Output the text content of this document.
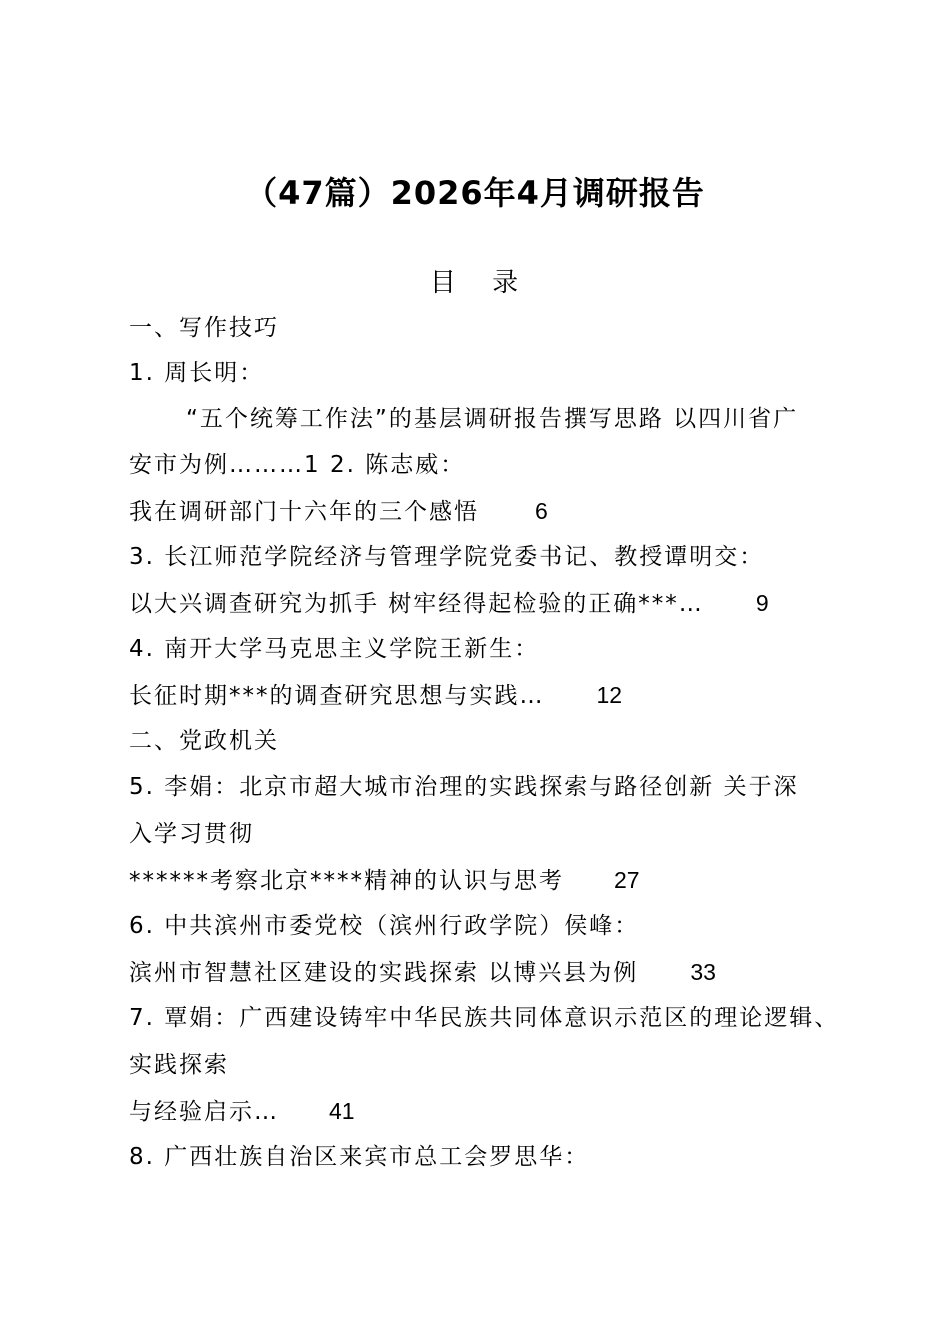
（47篇）2026年4月调研报告
目 录
一、写作技巧
1. 周长明：
“五个统筹工作法”的基层调研报告撰写思路 以四川省广
安市为例………1 2. 陈志威：
我在调研部门十六年的三个感悟 6
3. 长江师范学院经济与管理学院党委书记、教授谭明交：
以大兴调查研究为抓手 树牢经得起检验的正确***… 9
4. 南开大学马克思主义学院王新生：
长征时期***的调查研究思想与实践… 12
二、党政机关
5. 李娟：北京市超大城市治理的实践探索与路径创新 关于深
入学习贯彻
******考察北京****精神的认识与思考 27
6. 中共滨州市委党校（滨州行政学院）侯峰：
滨州市智慧社区建设的实践探索 以博兴县为例 33
7. 覃娟：广西建设铸牢中华民族共同体意识示范区的理论逻辑、
实践探索
与经验启示… 41
8. 广西壮族自治区来宾市总工会罗思华：
